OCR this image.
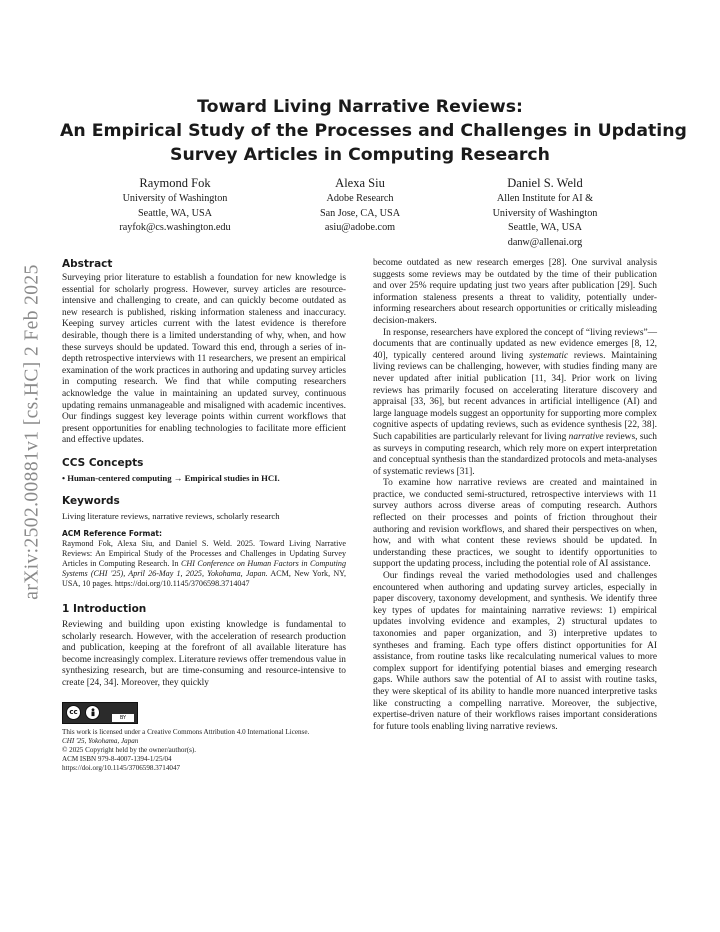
arXiv:2502.00881v1 [cs.HC] 2 Feb 2025
Toward Living Narrative Reviews:
An Empirical Study of the Processes and Challenges in Updating
Survey Articles in Computing Research
Raymond Fok
University of Washington
Seattle, WA, USA
rayfok@cs.washington.edu
Alexa Siu
Adobe Research
San Jose, CA, USA
asiu@adobe.com
Daniel S. Weld
Allen Institute for AI &
University of Washington
Seattle, WA, USA
danw@allenai.org
Abstract

Surveying prior literature to establish a foundation for new knowledge is essential for scholarly progress. However, survey articles are resource-intensive and challenging to create, and can quickly become outdated as new research is published, risking information staleness and inaccuracy. Keeping survey articles current with the latest evidence is therefore desirable, though there is a limited understanding of why, when, and how these surveys should be updated. Toward this end, through a series of in-depth retrospective interviews with 11 researchers, we present an empirical examination of the work practices in authoring and updating survey articles in computing research. We find that while computing researchers acknowledge the value in maintaining an updated survey, continuous updating remains unmanageable and misaligned with academic incentives. Our findings suggest key leverage points within current workflows that present opportunities for enabling technologies to facilitate more efficient and effective updates.

CCS Concepts

• Human-centered computing → Empirical studies in HCI.

Keywords

Living literature reviews, narrative reviews, scholarly research

ACM Reference Format:

Raymond Fok, Alexa Siu, and Daniel S. Weld. 2025. Toward Living Narrative Reviews: An Empirical Study of the Processes and Challenges in Updating Survey Articles in Computing Research. In CHI Conference on Human Factors in Computing Systems (CHI '25), April 26-May 1, 2025, Yokohama, Japan. ACM, New York, NY, USA, 10 pages. https://doi.org/10.1145/3706598.3714047

1 Introduction

Reviewing and building upon existing knowledge is fundamental to scholarly research. However, with the acceleration of research production and publication, keeping at the forefront of all available literature has become increasingly complex. Literature reviews offer tremendous value in synthesizing research, but are time-consuming and resource-intensive to create [24, 34]. Moreover, they quickly

cc
BY
This work is licensed under a Creative Commons Attribution 4.0 International License.
CHI '25, Yokohama, Japan
© 2025 Copyright held by the owner/author(s).
ACM ISBN 979-8-4007-1394-1/25/04
https://doi.org/10.1145/3706598.3714047

become outdated as new research emerges [28]. One survival analysis suggests some reviews may be outdated by the time of their publication and over 25% require updating just two years after publication [29]. Such information staleness presents a threat to validity, potentially under-informing researchers about research opportunities or critically misleading decision-makers.

In response, researchers have explored the concept of “living reviews”—documents that are continually updated as new evidence emerges [8, 12, 40], typically centered around living systematic reviews. Maintaining living reviews can be challenging, however, with studies finding many are never updated after initial publication [11, 34]. Prior work on living reviews has primarily focused on accelerating literature discovery and appraisal [33, 36], but recent advances in artificial intelligence (AI) and large language models suggest an opportunity for supporting more complex cognitive aspects of updating reviews, such as evidence synthesis [22, 38]. Such capabilities are particularly relevant for living narrative reviews, such as surveys in computing research, which rely more on expert interpretation and conceptual synthesis than the standardized protocols and meta-analyses of systematic reviews [31].

To examine how narrative reviews are created and maintained in practice, we conducted semi-structured, retrospective interviews with 11 survey authors across diverse areas of computing research. Authors reflected on their processes and points of friction throughout their authoring and revision workflows, and shared their perspectives on when, how, and with what content these reviews should be updated. In understanding these practices, we sought to identify opportunities to support the updating process, including the potential role of AI assistance.

Our findings reveal the varied methodologies used and challenges encountered when authoring and updating survey articles, especially in paper discovery, taxonomy development, and synthesis. We identify three key types of updates for maintaining narrative reviews: 1) empirical updates involving evidence and examples, 2) structural updates to taxonomies and paper organization, and 3) interpretive updates to syntheses and framing. Each type offers distinct opportunities for AI assistance, from routine tasks like recalculating numerical values to more complex support for identifying potential biases and emerging research gaps. While authors saw the potential of AI to assist with routine tasks, they were skeptical of its ability to handle more nuanced interpretive tasks like constructing a compelling narrative. Moreover, the subjective, expertise-driven nature of their workflows raises important considerations for future tools enabling living narrative reviews.
